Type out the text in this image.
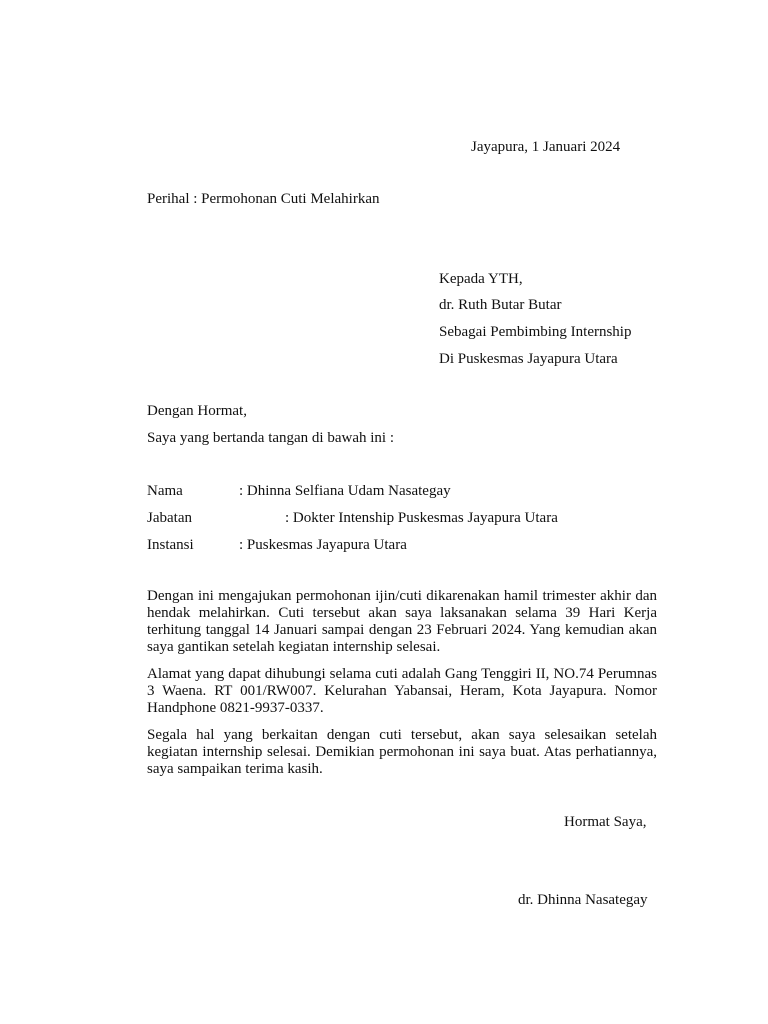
Jayapura, 1 Januari 2024
Perihal : Permohonan Cuti Melahirkan
Kepada YTH,
dr. Ruth Butar Butar
Sebagai Pembimbing Internship
Di Puskesmas Jayapura Utara
Dengan Hormat,
Saya yang bertanda tangan di bawah ini :
Nama	: Dhinna Selfiana Udam Nasategay
Jabatan	: Dokter Intenship Puskesmas Jayapura Utara
Instansi	: Puskesmas Jayapura Utara
Dengan ini mengajukan permohonan ijin/cuti dikarenakan hamil trimester akhir dan hendak melahirkan. Cuti tersebut akan saya laksanakan selama 39 Hari Kerja terhitung tanggal 14 Januari sampai dengan 23 Februari 2024. Yang kemudian akan saya gantikan setelah kegiatan internship selesai.
Alamat yang dapat dihubungi selama cuti adalah Gang Tenggiri II, NO.74 Perumnas 3 Waena. RT 001/RW007. Kelurahan Yabansai, Heram, Kota Jayapura. Nomor Handphone 0821-9937-0337.
Segala hal yang berkaitan dengan cuti tersebut, akan saya selesaikan setelah kegiatan internship selesai. Demikian permohonan ini saya buat. Atas perhatiannya, saya sampaikan terima kasih.
Hormat Saya,
dr. Dhinna Nasategay
